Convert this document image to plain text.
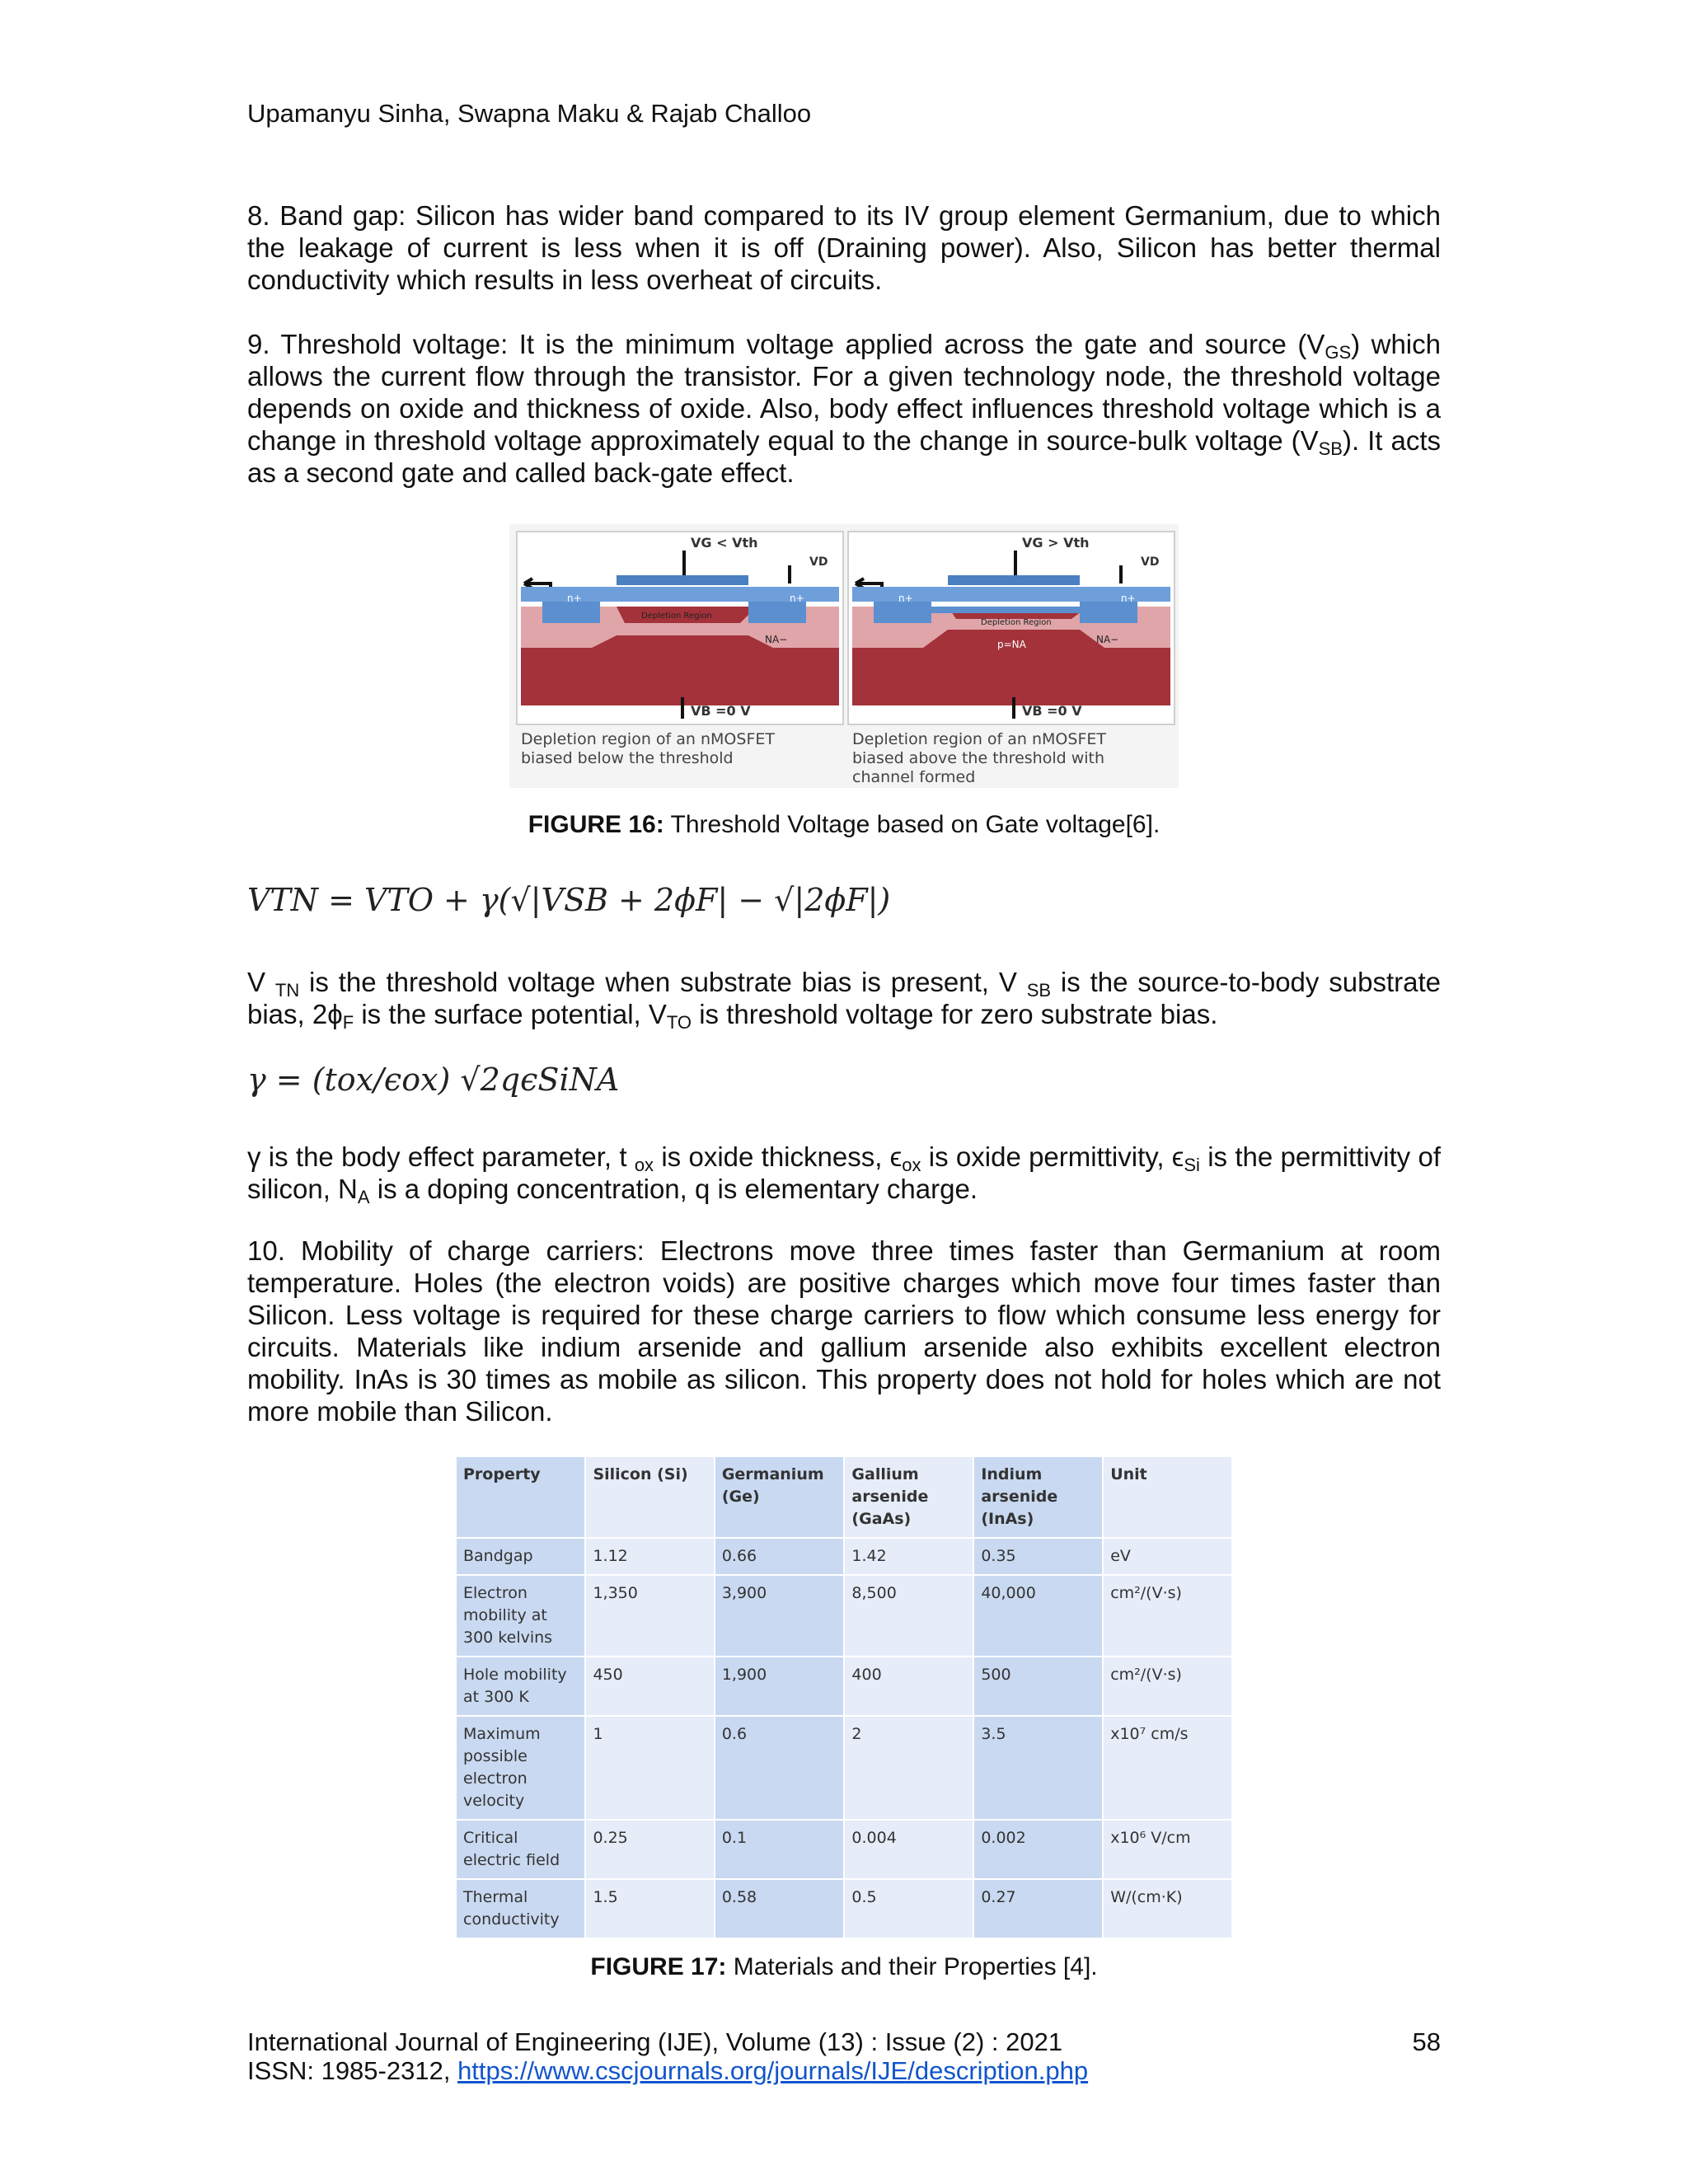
Upamanyu Sinha, Swapna Maku & Rajab Challoo
8. Band gap: Silicon has wider band compared to its IV group element Germanium, due to which the leakage of current is less when it is off (Draining power). Also, Silicon has better thermal conductivity which results in less overheat of circuits.
9. Threshold voltage: It is the minimum voltage applied across the gate and source $(V_{GS})$ which allows the current flow through the transistor. For a given technology node, the threshold voltage depends on oxide and thickness of oxide. Also, body effect influences threshold voltage which is a change in threshold voltage approximately equal to the change in source-bulk voltage $(V_{SB})$. It acts as a second gate and called back-gate effect.
VG < Vth
VD
n+	n+
Depletion Region
NA−
VB =0 V
VG > Vth
VD
n+	n+
Depletion Region
p=NA	NA−
VB =0 V
Depletion region of an nMOSFET
biased below the threshold
Depletion region of an nMOSFET
biased above the threshold with
channel formed
FIGURE 16: Threshold Voltage based on Gate voltage[6].
VTN = VTO + γ(√|VSB + 2ϕF| − √|2ϕF|)
V $_{TN}$ is the threshold voltage when substrate bias is present, V $_{SB}$ is the source-to-body substrate bias, $2\phi_F$ is the surface potential, $V_{TO}$ is threshold voltage for zero substrate bias.
γ = (tox/ϵox) √2qϵSiNA
γ is the body effect parameter, t $_{ox}$ is oxide thickness, $\epsilon_{ox}$ is oxide permittivity, $\epsilon_{Si}$ is the permittivity of silicon, $N_A$ is a doping concentration, q is elementary charge.
10. Mobility of charge carriers: Electrons move three times faster than Germanium at room temperature. Holes (the electron voids) are positive charges which move four times faster than Silicon. Less voltage is required for these charge carriers to flow which consume less energy for circuits. Materials like indium arsenide and gallium arsenide also exhibits excellent electron mobility. InAs is 30 times as mobile as silicon. This property does not hold for holes which are not more mobile than Silicon.
Property	Silicon (Si)	Germanium (Ge)	Gallium arsenide (GaAs)	Indium arsenide (InAs)	Unit
Bandgap	1.12	0.66	1.42	0.35	eV
Electron mobility at 300 kelvins	1,350	3,900	8,500	40,000	cm²/(V·s)
Hole mobility at 300 K	450	1,900	400	500	cm²/(V·s)
Maximum possible electron velocity	1	0.6	2	3.5	x10⁷ cm/s
Critical electric field	0.25	0.1	0.004	0.002	x10⁶ V/cm
Thermal conductivity	1.5	0.58	0.5	0.27	W/(cm·K)
FIGURE 17: Materials and their Properties [4].
International Journal of Engineering (IJE), Volume (13) : Issue (2) : 2021
ISSN: 1985-2312, https://www.cscjournals.org/journals/IJE/description.php
58
